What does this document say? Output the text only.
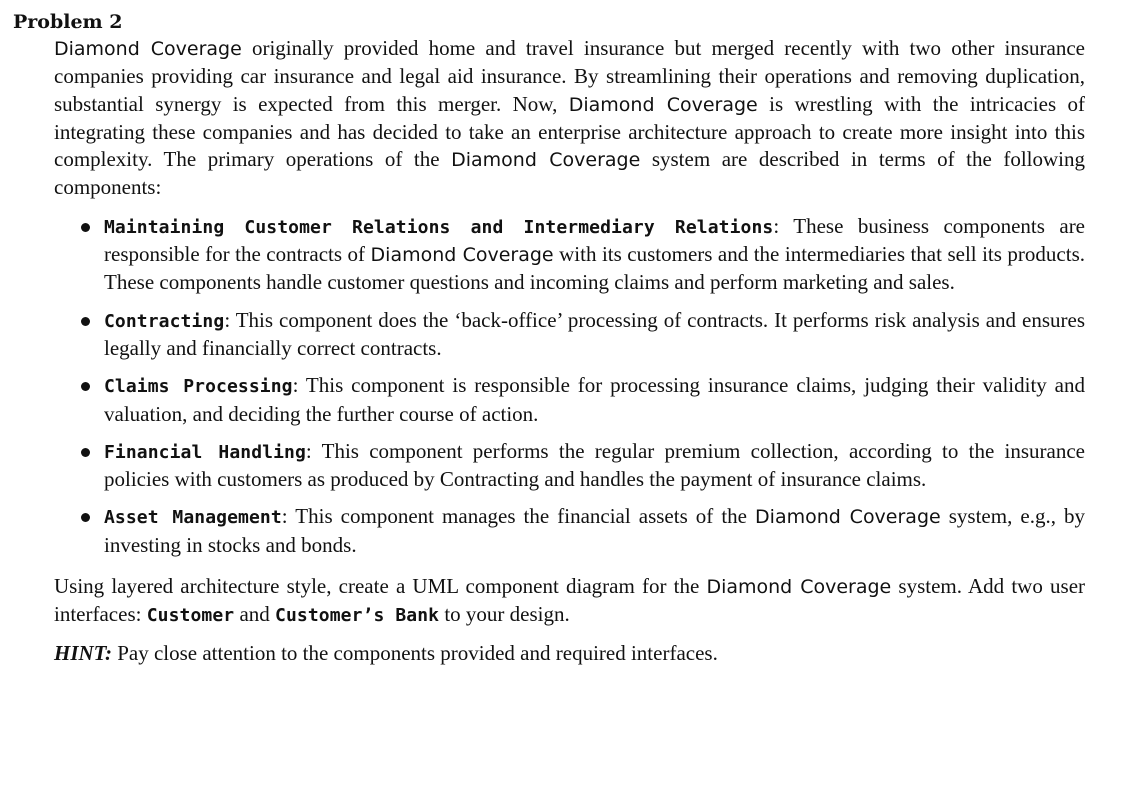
Problem 2

Diamond Coverage originally provided home and travel insurance but merged recently with two other insurance companies providing car insurance and legal aid insurance. By streamlining their operations and removing duplication, substantial synergy is expected from this merger. Now, Diamond Coverage is wrestling with the intricacies of integrating these companies and has decided to take an enterprise architecture approach to create more insight into this complexity. The primary operations of the Diamond Coverage system are described in terms of the following components:

Maintaining Customer Relations and Intermediary Relations: These business components are responsible for the contracts of Diamond Coverage with its customers and the intermediaries that sell its products. These components handle customer questions and incoming claims and perform marketing and sales.
Contracting: This component does the ‘back-office’ processing of contracts. It performs risk analysis and ensures legally and financially correct contracts.
Claims Processing: This component is responsible for processing insurance claims, judging their validity and valuation, and deciding the further course of action.
Financial Handling: This component performs the regular premium collection, according to the insurance policies with customers as produced by Contracting and handles the payment of insurance claims.
Asset Management: This component manages the financial assets of the Diamond Coverage system, e.g., by investing in stocks and bonds.

Using layered architecture style, create a UML component diagram for the Diamond Coverage system. Add two user interfaces: Customer and Customer’s Bank to your design.

HINT: Pay close attention to the components provided and required interfaces.
